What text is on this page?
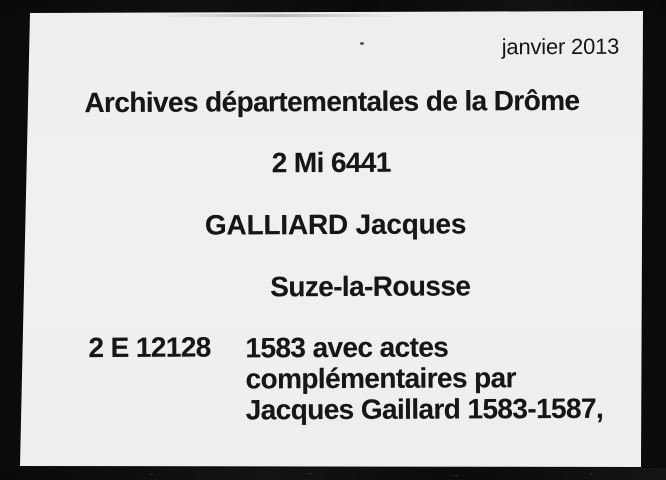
janvier 2013
Archives départementales de la Drôme
2 Mi 6441
GALLIARD Jacques
Suze-la-Rousse
2 E 12128 1583 avec actes
complémentaires par
Jacques Gaillard 1583-1587,
